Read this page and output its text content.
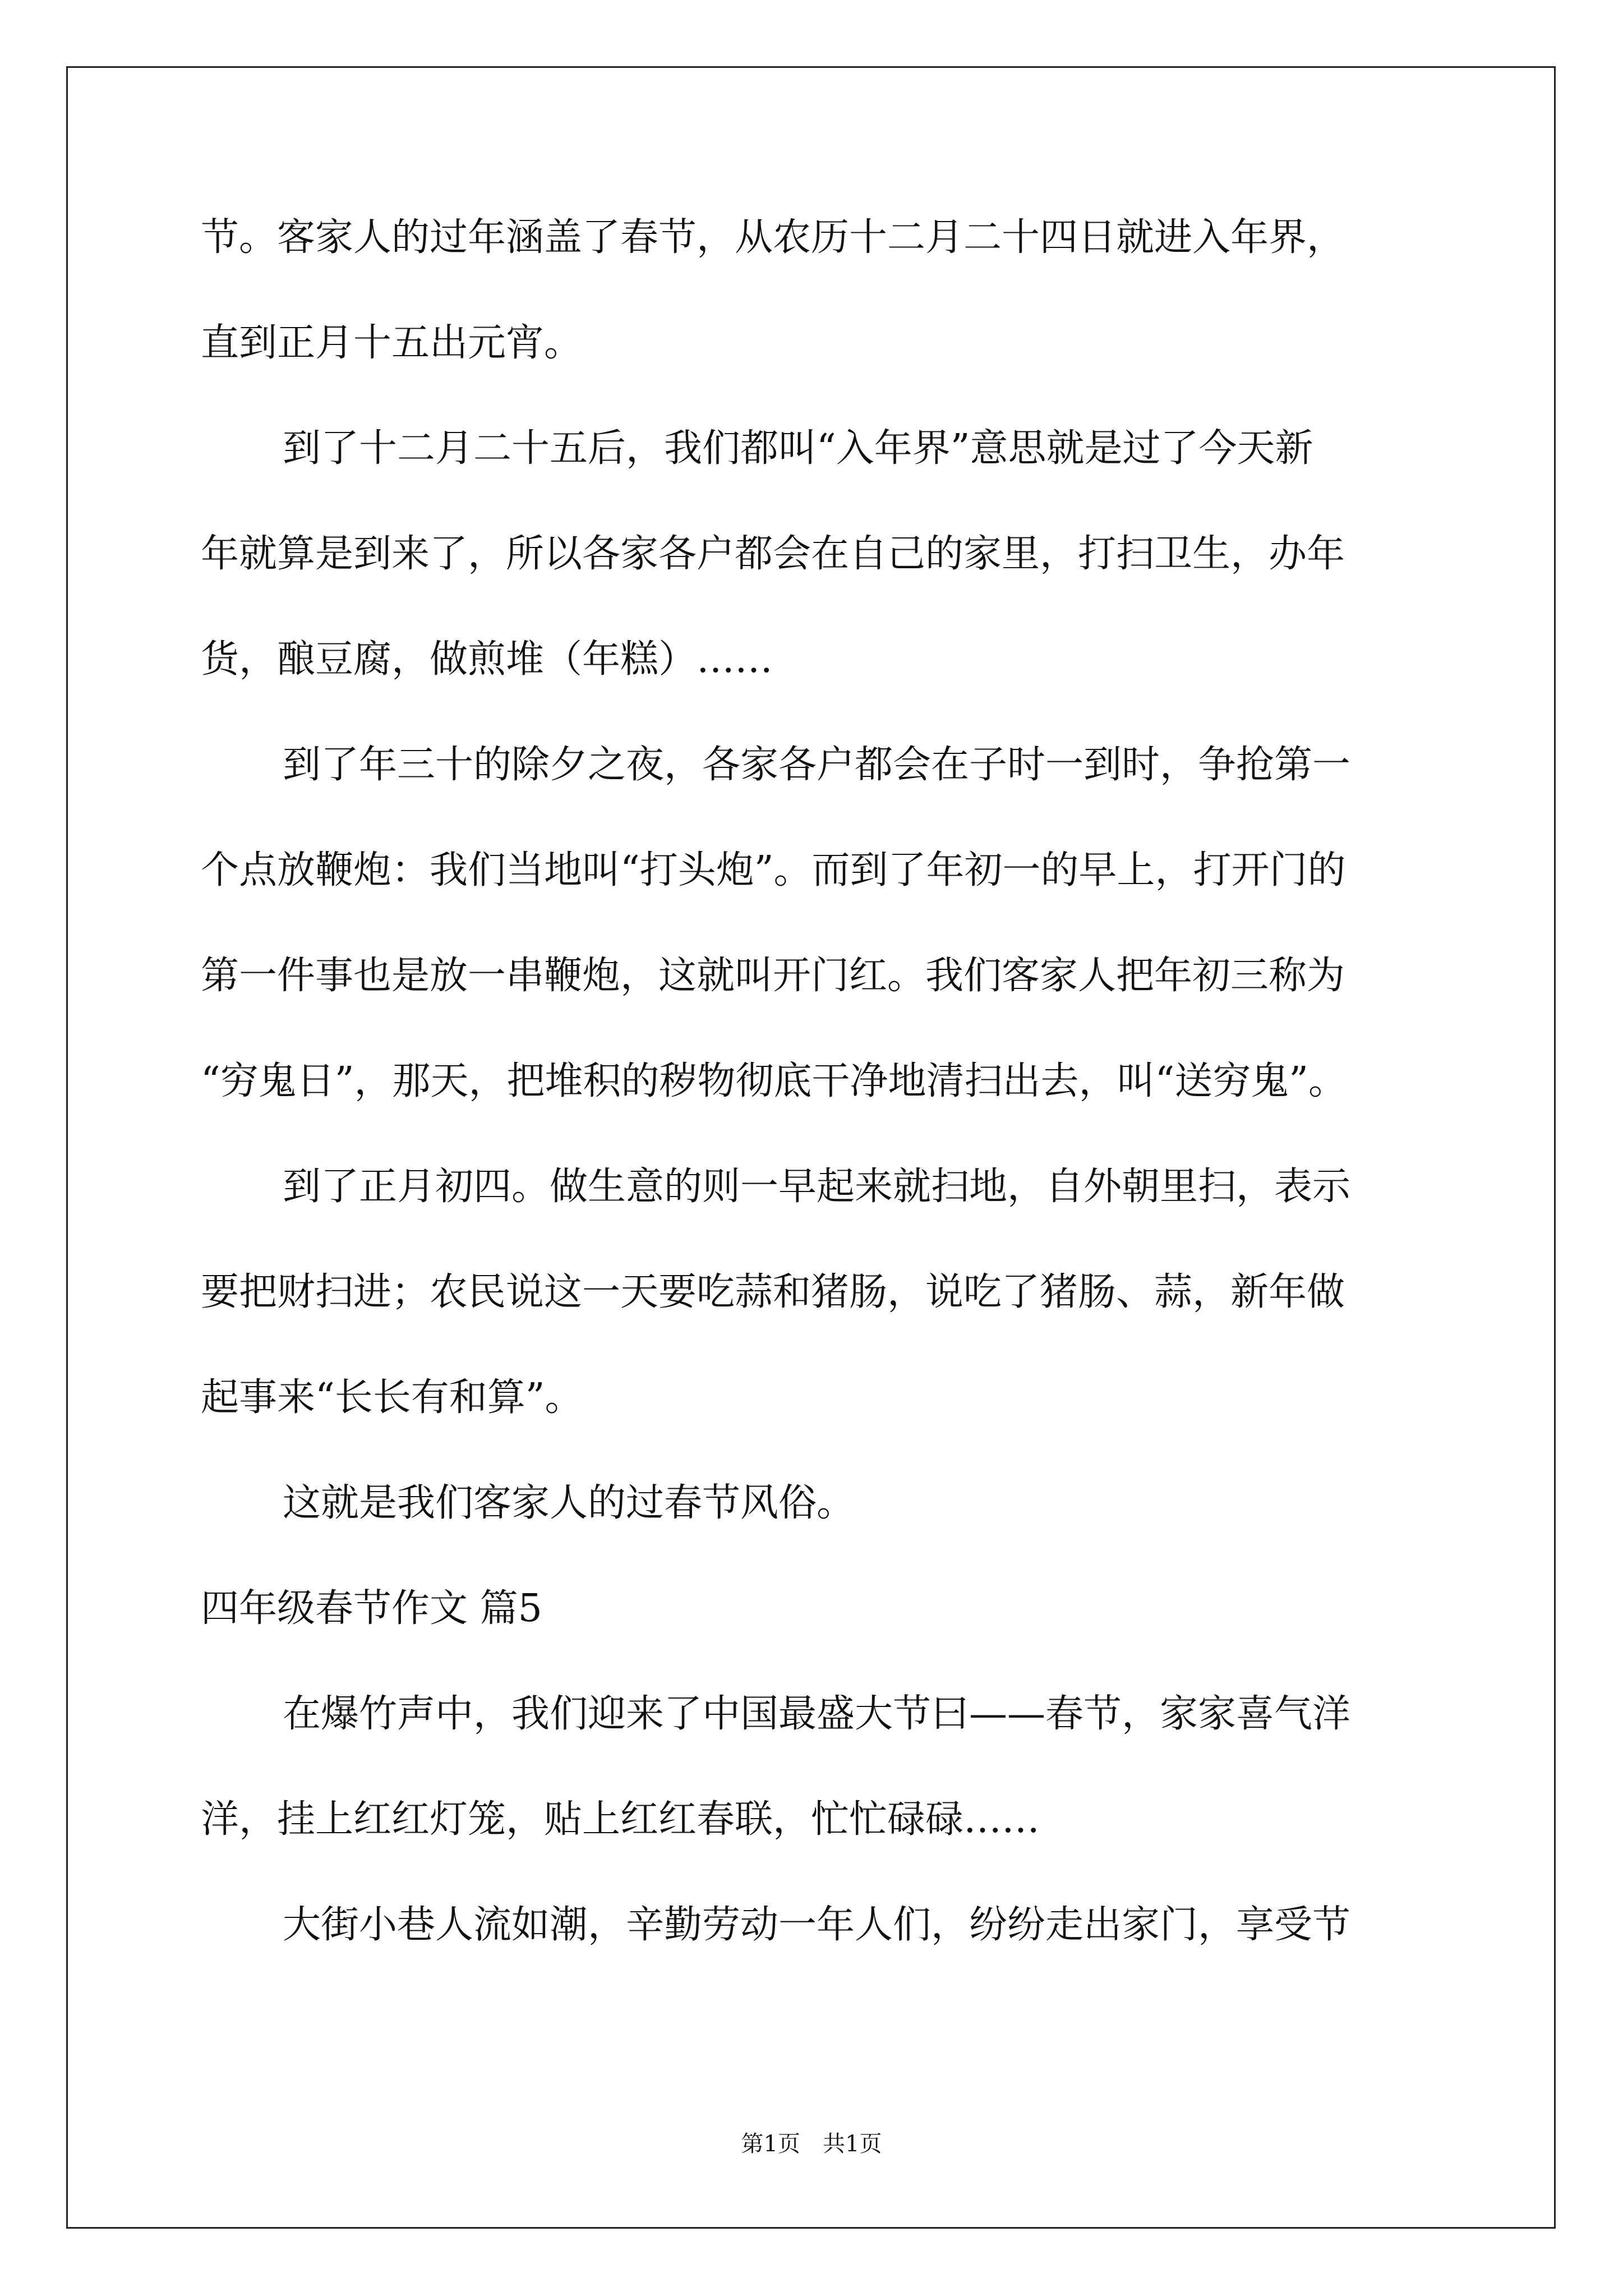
节。客家人的过年涵盖了春节，从农历十二月二十四日就进入年界，
直到正月十五出元宵。
到了十二月二十五后，我们都叫“入年界”意思就是过了今天新
年就算是到来了，所以各家各户都会在自己的家里，打扫卫生，办年
货，酿豆腐，做煎堆（年糕）……
到了年三十的除夕之夜，各家各户都会在子时一到时，争抢第一
个点放鞭炮：我们当地叫“打头炮”。而到了年初一的早上，打开门的
第一件事也是放一串鞭炮，这就叫开门红。我们客家人把年初三称为
“穷鬼日”，那天，把堆积的秽物彻底干净地清扫出去，叫“送穷鬼”。
到了正月初四。做生意的则一早起来就扫地，自外朝里扫，表示
要把财扫进；农民说这一天要吃蒜和猪肠，说吃了猪肠、蒜，新年做
起事来“长长有和算”。
这就是我们客家人的过春节风俗。
四年级春节作文 篇5
在爆竹声中，我们迎来了中国最盛大节曰——春节，家家喜气洋
洋，挂上红红灯笼，贴上红红春联，忙忙碌碌……
大街小巷人流如潮，辛勤劳动一年人们，纷纷走出家门，享受节
第1页　共1页
